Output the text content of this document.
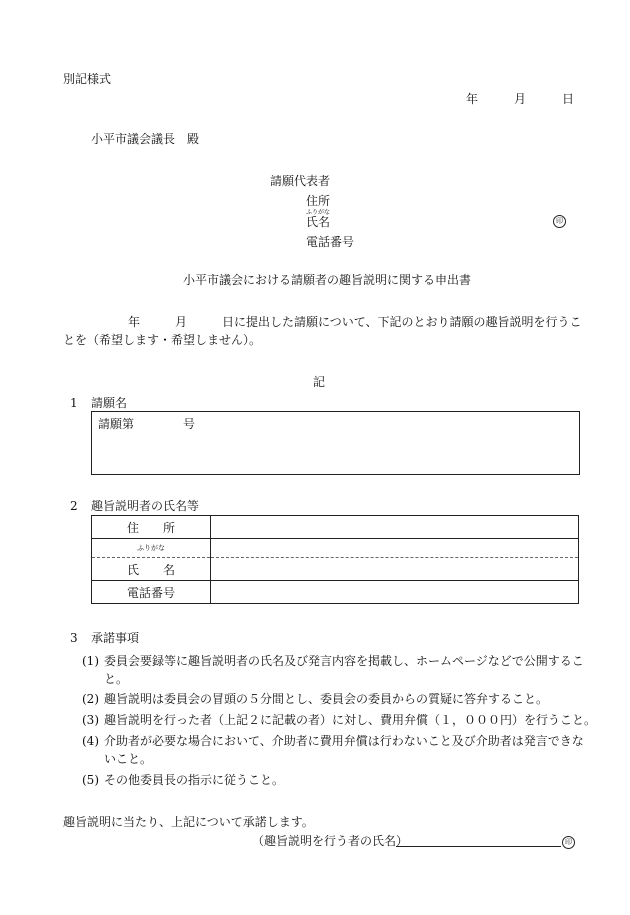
別記様式
年	月	日
小平市議会議長　殿
請願代表者
住所
ふりがな
氏名	印
電話番号
小平市議会における請願者の趣旨説明に関する申出書
年	月	日に提出した請願について、下記のとおり請願の趣旨説明を行うこ
とを（希望します・希望しません）。
記
1 請願名
請願第	号
2 趣旨説明者の氏名等
住　　所	
ふりがな	
氏　　名	
電話番号	
3 承諾事項
(1) 委員会要録等に趣旨説明者の氏名及び発言内容を掲載し、ホームページなどで公開するこ
と。
(2) 趣旨説明は委員会の冒頭の５分間とし、委員会の委員からの質疑に答弁すること。
(3) 趣旨説明を行った者（上記２に記載の者）に対し、費用弁償（１，０００円）を行うこと。
(4) 介助者が必要な場合において、介助者に費用弁償は行わないこと及び介助者は発言できな
いこと。
(5) その他委員長の指示に従うこと。
趣旨説明に当たり、上記について承諾します。
（趣旨説明を行う者の氏名）	印
